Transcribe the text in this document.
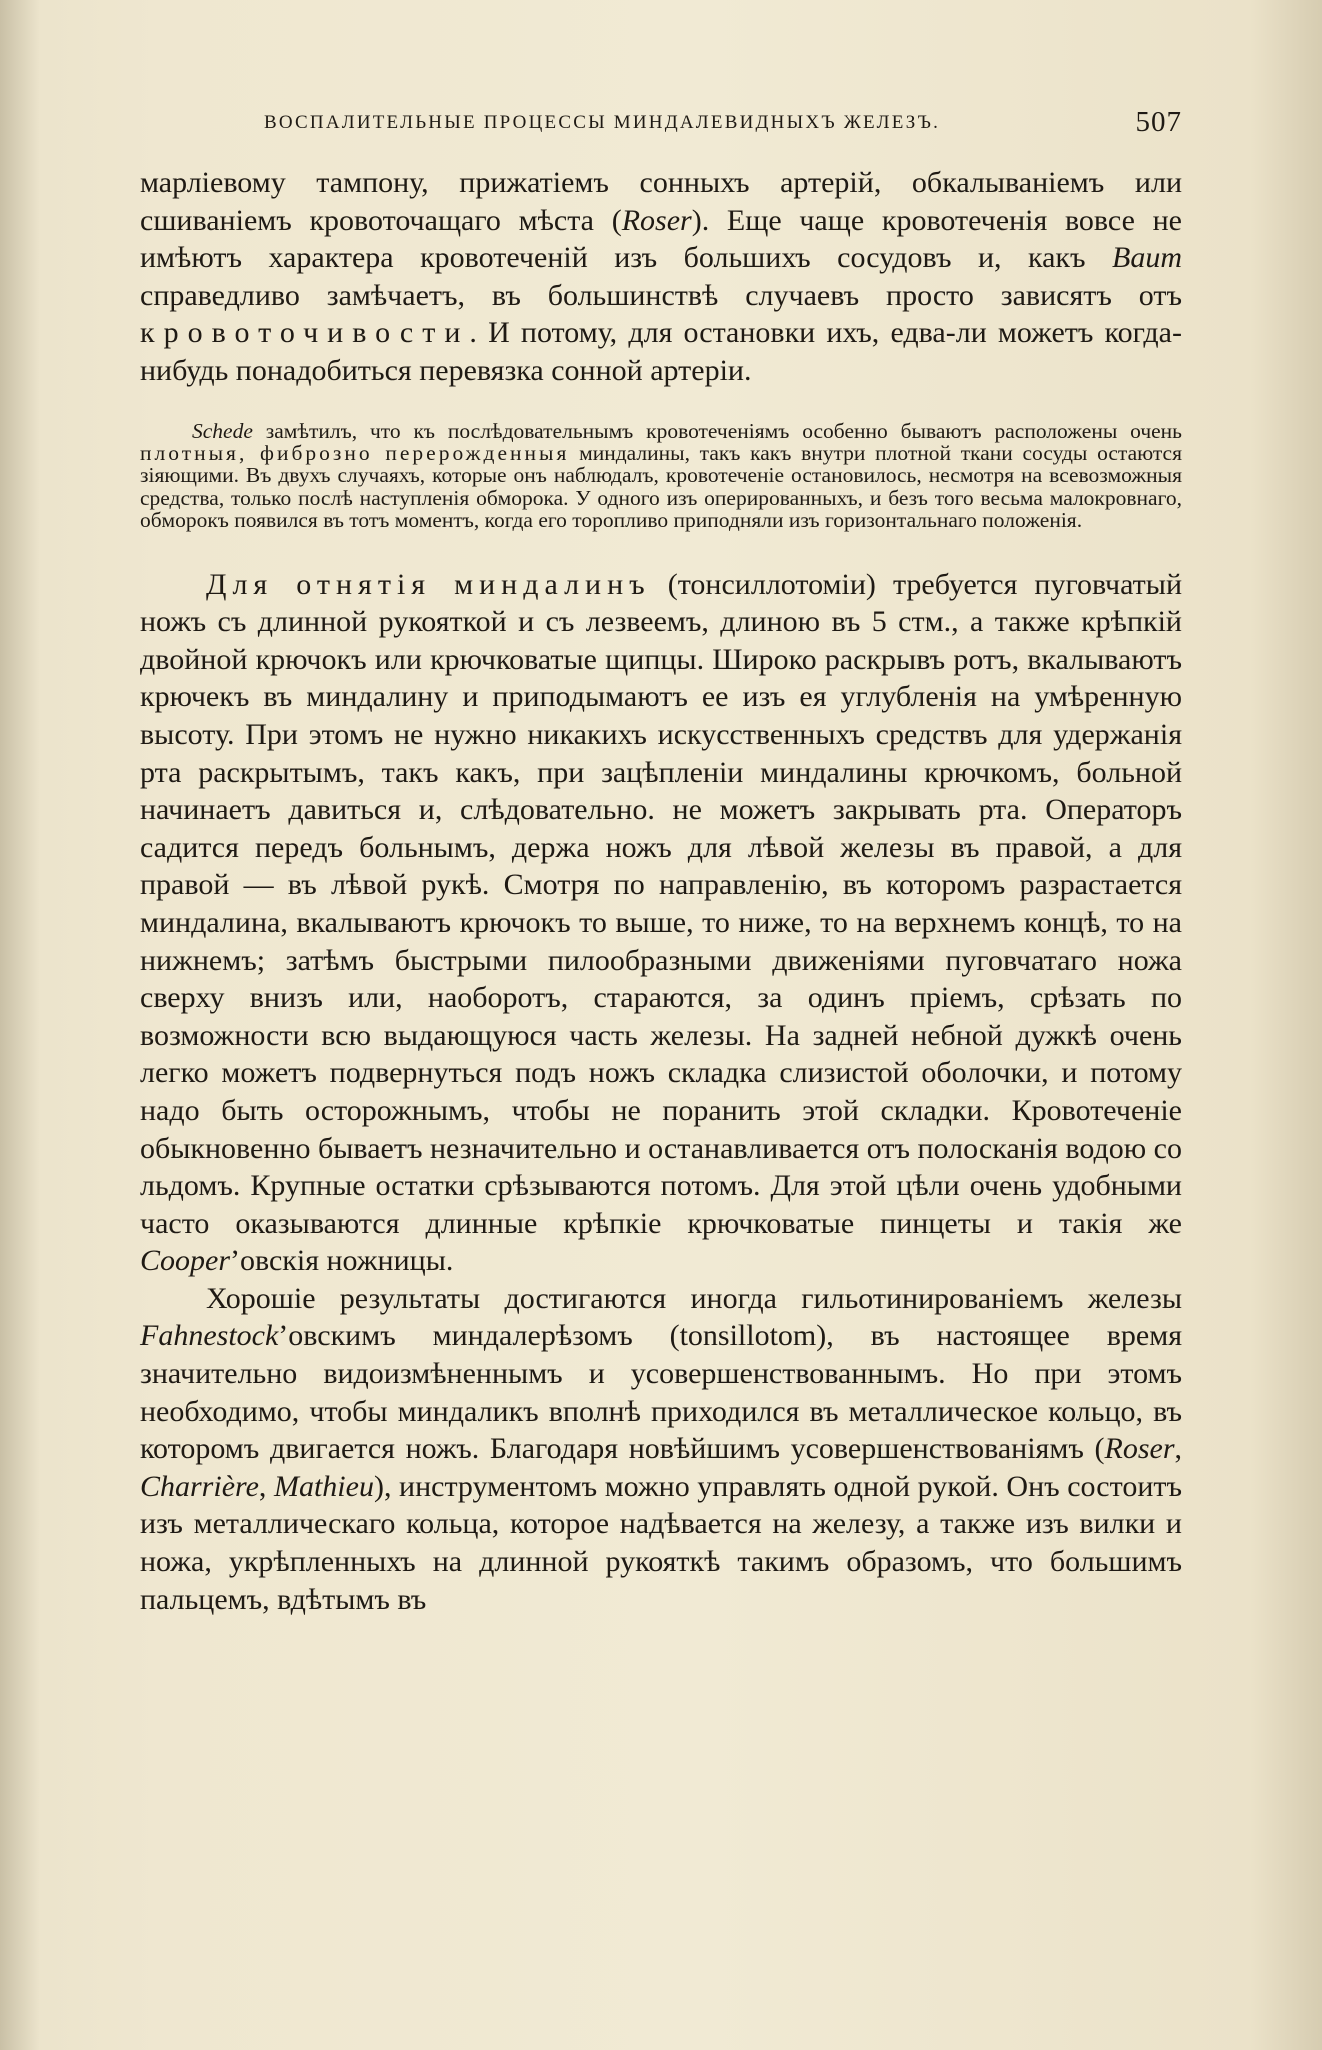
ВОСПАЛИТЕЛЬНЫЕ ПРОЦЕССЫ МИНДАЛЕВИДНЫХЪ ЖЕЛЕЗЪ.	507

марліевому тампону, прижатіемъ сонныхъ артерій, обкалываніемъ или сшиваніемъ кровоточащаго мѣста (Roser). Еще чаще кровотеченія вовсе не имѣютъ характера кровотеченій изъ большихъ сосудовъ и, какъ Baum справедливо замѣчаетъ, въ большинствѣ случаевъ просто зависятъ отъ кровоточивости. И потому, для остановки ихъ, едва-ли можетъ когда-нибудь понадобиться перевязка сонной артеріи.

Schede замѣтилъ, что къ послѣдовательнымъ кровотеченіямъ особенно бываютъ расположены очень плотныя, фиброзно перерожденныя миндалины, такъ какъ внутри плотной ткани сосуды остаются зіяющими. Въ двухъ случаяхъ, которые онъ наблюдалъ, кровотеченіе остановилось, несмотря на всевозможныя средства, только послѣ наступленія обморока. У одного изъ оперированныхъ, и безъ того весьма малокровнаго, обморокъ появился въ тотъ моментъ, когда его торопливо приподняли изъ горизонтальнаго положенія.

Для отнятія миндалинъ (тонсиллотоміи) требуется пуговчатый ножъ съ длинной рукояткой и съ лезвеемъ, длиною въ 5 стм., а также крѣпкій двойной крючокъ или крючковатые щипцы. Широко раскрывъ ротъ, вкалываютъ крючекъ въ миндалину и приподымаютъ ее изъ ея углубленія на умѣренную высоту. При этомъ не нужно никакихъ искусственныхъ средствъ для удержанія рта раскрытымъ, такъ какъ, при зацѣпленіи миндалины крючкомъ, больной начинаетъ давиться и, слѣдовательно. не можетъ закрывать рта. Операторъ садится передъ больнымъ, держа ножъ для лѣвой железы въ правой, а для правой — въ лѣвой рукѣ. Смотря по направленію, въ которомъ разрастается миндалина, вкалываютъ крючокъ то выше, то ниже, то на верхнемъ концѣ, то на нижнемъ; затѣмъ быстрыми пилообразными движеніями пуговчатаго ножа сверху внизъ или, наоборотъ, стараются, за одинъ пріемъ, срѣзать по возможности всю выдающуюся часть железы. На задней небной дужкѣ очень легко можетъ подвернуться подъ ножъ складка слизистой оболочки, и потому надо быть осторожнымъ, чтобы не поранить этой складки. Кровотеченіе обыкновенно бываетъ незначительно и останавливается отъ полосканія водою со льдомъ. Крупные остатки срѣзываются потомъ. Для этой цѣли очень удобными часто оказываются длинные крѣпкіе крючковатые пинцеты и такія же Cooper’овскія ножницы.

Хорошіе результаты достигаются иногда гильотинированіемъ железы Fahnestock’овскимъ миндалерѣзомъ (tonsillotom), въ настоящее время значительно видоизмѣненнымъ и усовершенствованнымъ. Но при этомъ необходимо, чтобы миндаликъ вполнѣ приходился въ металлическое кольцо, въ которомъ двигается ножъ. Благодаря новѣйшимъ усовершенствованіямъ (Roser, Charrière, Mathieu), инструментомъ можно управлять одной рукой. Онъ состоитъ изъ металлическаго кольца, которое надѣвается на железу, а также изъ вилки и ножа, укрѣпленныхъ на длинной рукояткѣ такимъ образомъ, что большимъ пальцемъ, вдѣтымъ въ
